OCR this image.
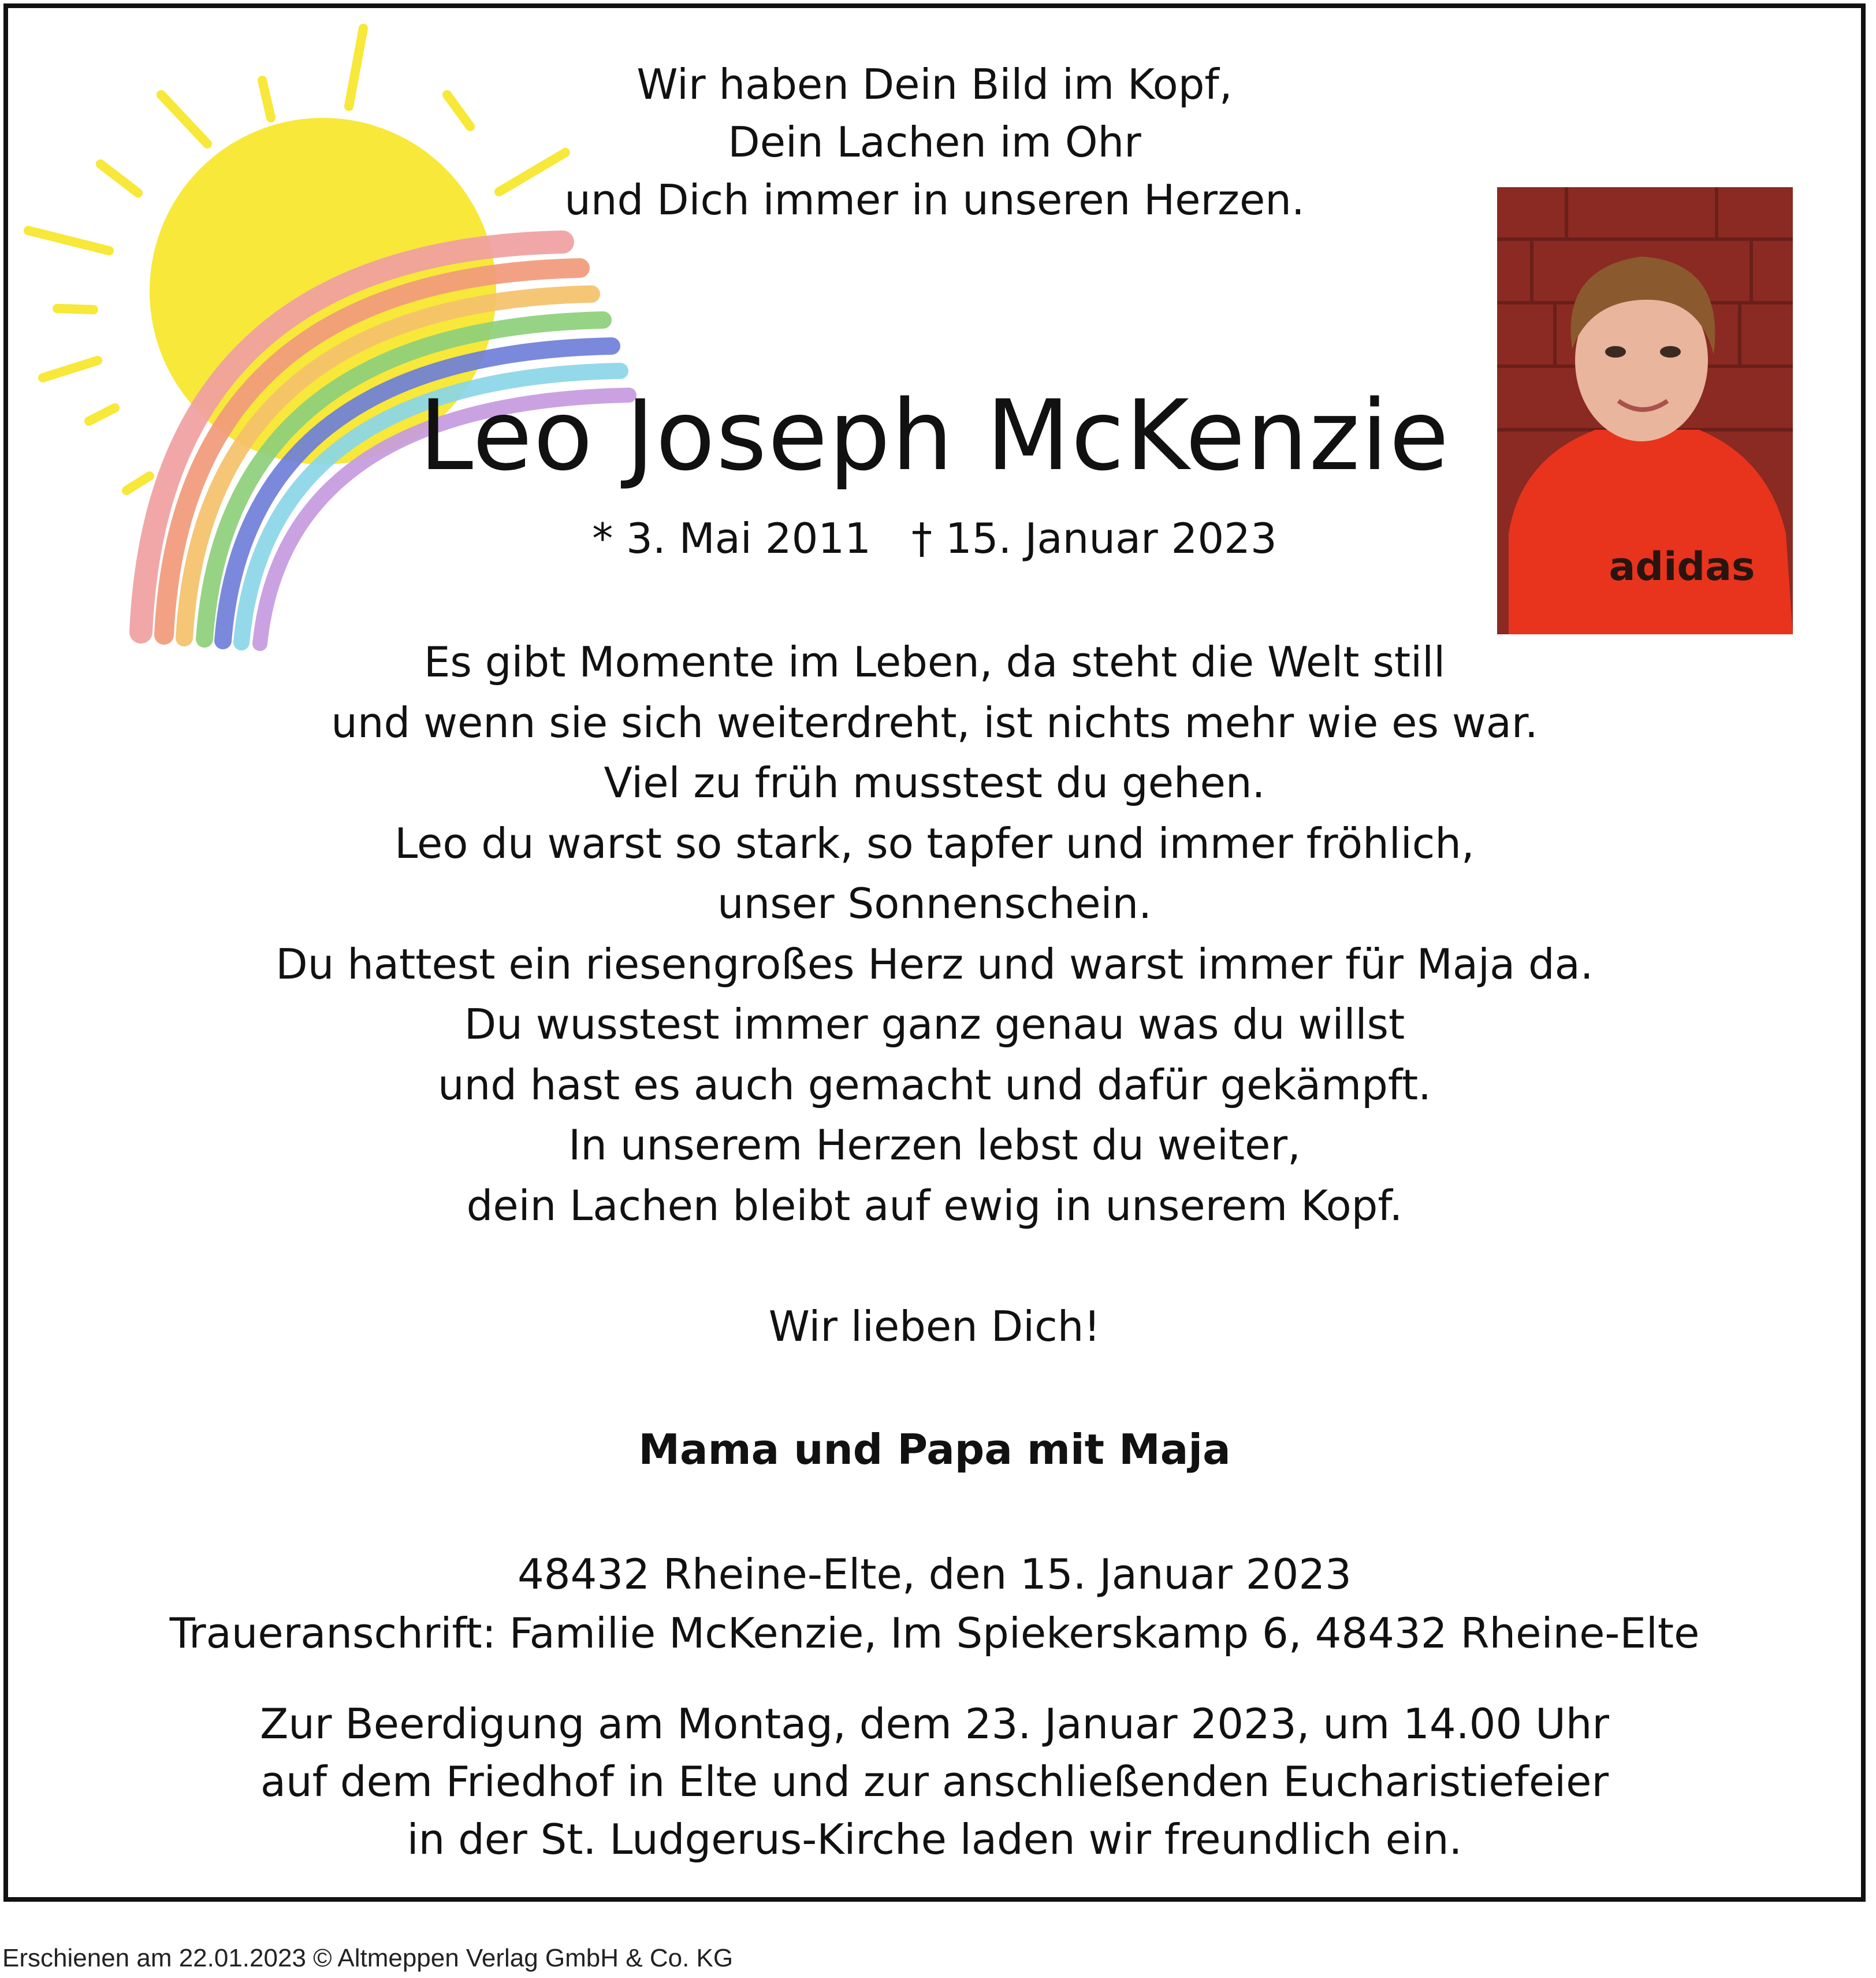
Wir haben Dein Bild im Kopf,
Dein Lachen im Ohr
und Dich immer in unseren Herzen.
adidas
Leo Joseph McKenzie
* 3. Mai 2011 † 15. Januar 2023
Es gibt Momente im Leben, da steht die Welt still
und wenn sie sich weiterdreht, ist nichts mehr wie es war.
Viel zu früh musstest du gehen.
Leo du warst so stark, so tapfer und immer fröhlich,
unser Sonnenschein.
Du hattest ein riesengroßes Herz und warst immer für Maja da.
Du wusstest immer ganz genau was du willst
und hast es auch gemacht und dafür gekämpft.
In unserem Herzen lebst du weiter,
dein Lachen bleibt auf ewig in unserem Kopf.
Wir lieben Dich!
Mama und Papa mit Maja
48432 Rheine-Elte, den 15. Januar 2023
Traueranschrift: Familie McKenzie, Im Spiekerskamp 6, 48432 Rheine-Elte
Zur Beerdigung am Montag, dem 23. Januar 2023, um 14.00 Uhr
auf dem Friedhof in Elte und zur anschließenden Eucharistiefeier
in der St. Ludgerus-Kirche laden wir freundlich ein.
Erschienen am 22.01.2023 © Altmeppen Verlag GmbH & Co. KG
